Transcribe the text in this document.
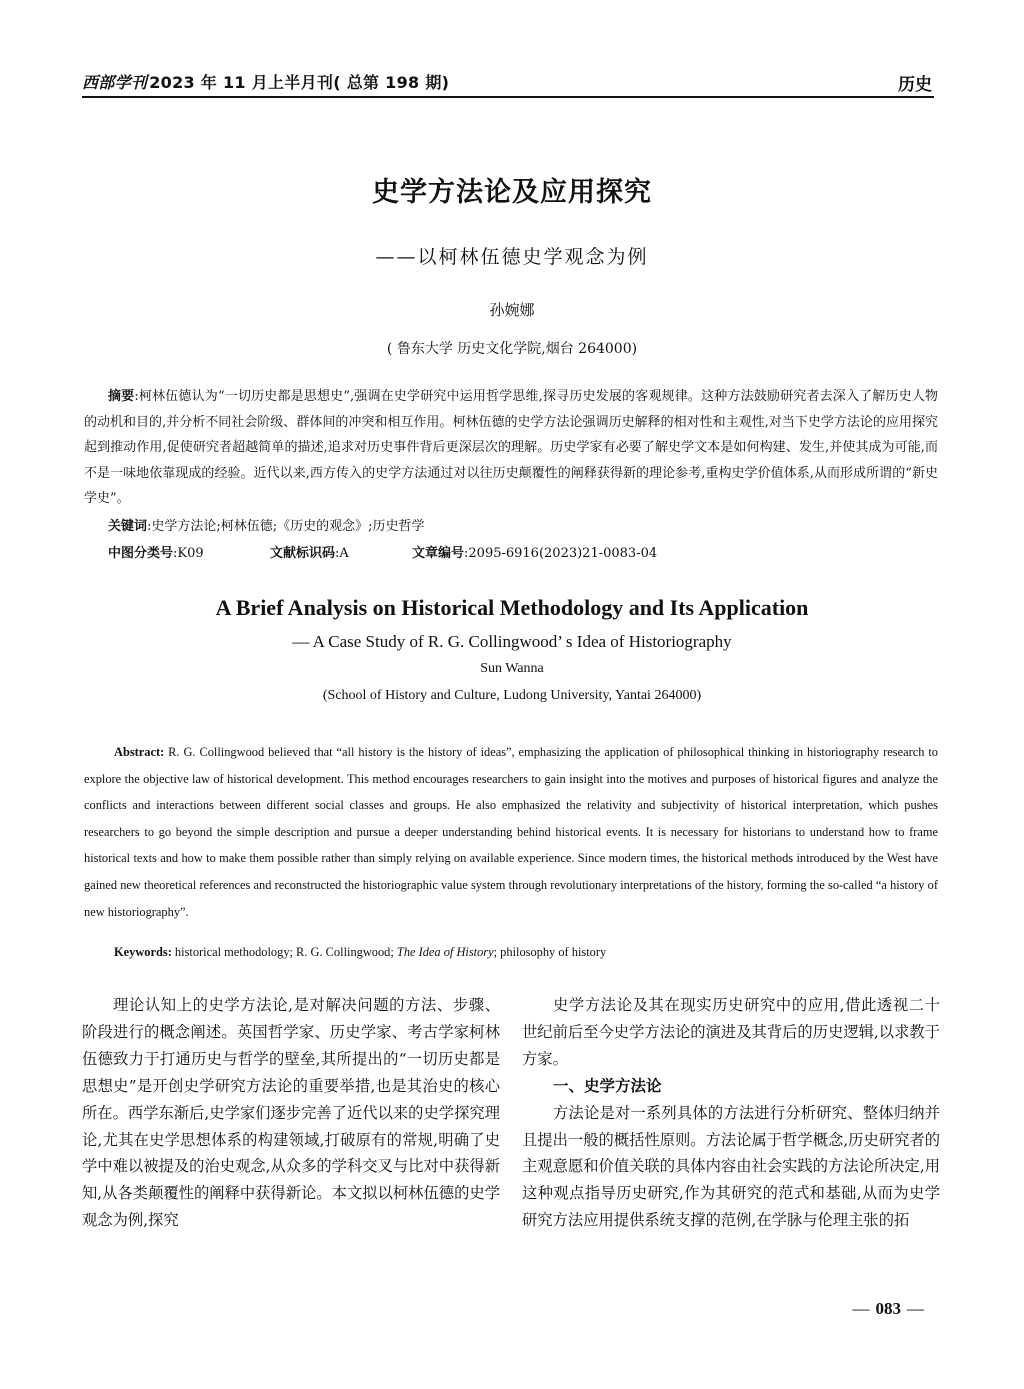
西部学刊 2023 年 11 月上半月刊( 总第 198 期)	历史
史学方法论及应用探究
——以柯林伍德史学观念为例
孙婉娜
( 鲁东大学 历史文化学院,烟台 264000)
摘要:柯林伍德认为“一切历史都是思想史”,强调在史学研究中运用哲学思维,探寻历史发展的客观规律。这种方法鼓励研究者去深入了解历史人物的动机和目的,并分析不同社会阶级、群体间的冲突和相互作用。柯林伍德的史学方法论强调历史解释的相对性和主观性,对当下史学方法论的应用探究起到推动作用,促使研究者超越简单的描述,追求对历史事件背后更深层次的理解。历史学家有必要了解史学文本是如何构建、发生,并使其成为可能,而不是一味地依靠现成的经验。近代以来,西方传入的史学方法通过对以往历史颠覆性的阐释获得新的理论参考,重构史学价值体系,从而形成所谓的“新史学史”。
关键词:史学方法论;柯林伍德;《历史的观念》;历史哲学
中图分类号:K09	文献标识码:A	文章编号:2095-6916(2023)21-0083-04
A Brief Analysis on Historical Methodology and Its Application
— A Case Study of R. G. Collingwood’ s Idea of Historiography
Sun Wanna
(School of History and Culture, Ludong University, Yantai 264000)
Abstract: R. G. Collingwood believed that “all history is the history of ideas”, emphasizing the application of philosophical thinking in historiography research to explore the objective law of historical development. This method encourages researchers to gain insight into the motives and purposes of historical figures and analyze the conflicts and interactions between different social classes and groups. He also emphasized the relativity and subjectivity of historical interpretation, which pushes researchers to go beyond the simple description and pursue a deeper understanding behind historical events. It is necessary for historians to understand how to frame historical texts and how to make them possible rather than simply relying on available experience. Since modern times, the historical methods introduced by the West have gained new theoretical references and reconstructed the historiographic value system through revolutionary interpretations of the history, forming the so-called “a history of new historiography”.
Keywords: historical methodology; R. G. Collingwood; The Idea of History; philosophy of history

理论认知上的史学方法论,是对解决问题的方法、步骤、阶段进行的概念阐述。英国哲学家、历史学家、考古学家柯林伍德致力于打通历史与哲学的壁垒,其所提出的“一切历史都是思想史”是开创史学研究方法论的重要举措,也是其治史的核心所在。西学东渐后,史学家们逐步完善了近代以来的史学探究理论,尤其在史学思想体系的构建领域,打破原有的常规,明确了史学中难以被提及的治史观念,从众多的学科交叉与比对中获得新知,从各类颠覆性的阐释中获得新论。本文拟以柯林伍德的史学观念为例,探究

史学方法论及其在现实历史研究中的应用,借此透视二十世纪前后至今史学方法论的演进及其背后的历史逻辑,以求教于方家。

一、史学方法论

方法论是对一系列具体的方法进行分析研究、整体归纳并且提出一般的概括性原则。方法论属于哲学概念,历史研究者的主观意愿和价值关联的具体内容由社会实践的方法论所决定,用这种观点指导历史研究,作为其研究的范式和基础,从而为史学研究方法应用提供系统支撑的范例,在学脉与伦理主张的拓

— 083 —
